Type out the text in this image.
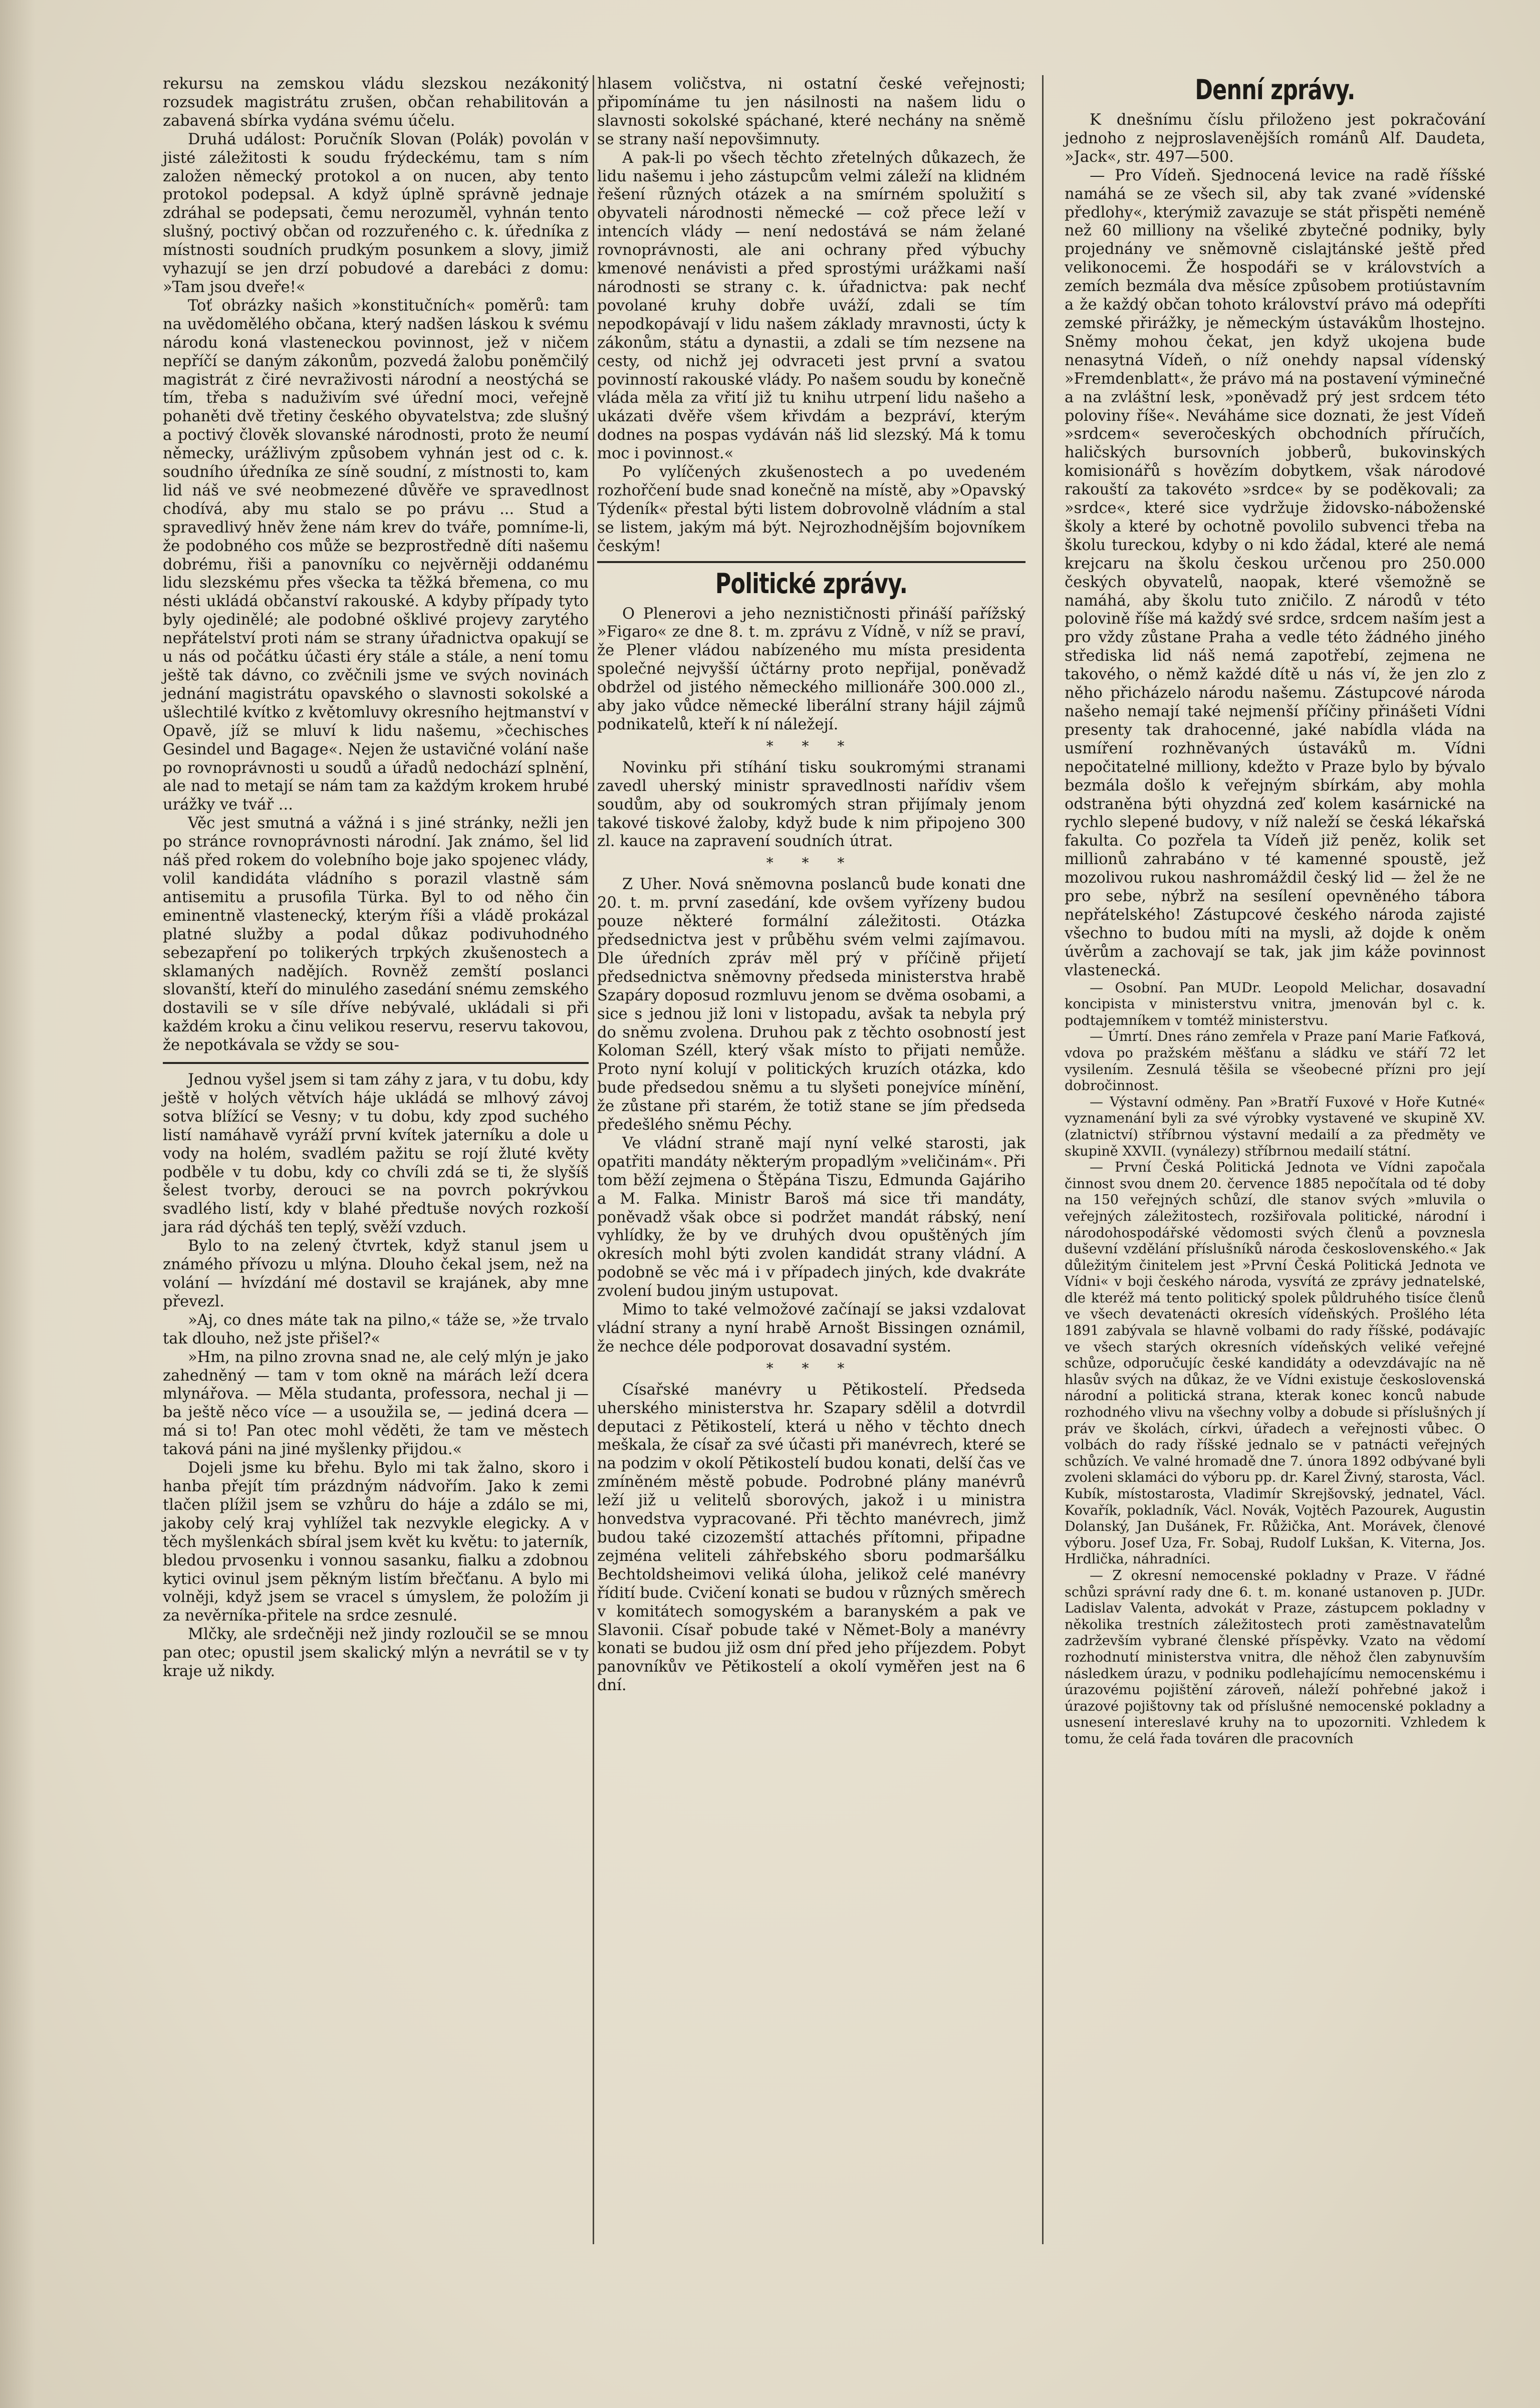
rekursu na zemskou vládu slezskou nezákonitý rozsudek magistrátu zrušen, občan rehabilitován a zabavená sbírka vydána svému účelu.

Druhá událost: Poručník Slovan (Polák) povolán v jisté záležitosti k soudu frýdeckému, tam s ním založen německý protokol a on nucen, aby tento protokol podepsal. A když úplně správně jednaje zdráhal se podepsati, čemu nerozuměl, vyhnán tento slušný, poctivý občan od rozzuřeného c. k. úředníka z místnosti soudních prudkým posunkem a slovy, jimiž vyhazují se jen drzí pobudové a darebáci z domu: »Tam jsou dveře!«

Toť obrázky našich »konstitučních« poměrů: tam na uvědomělého občana, který nadšen láskou k svému národu koná vlasteneckou povinnost, jež v ničem nepříčí se daným zákonům, pozvedá žalobu poněmčilý magistrát z čiré nevraživosti národní a neostýchá se tím, třeba s naduživím své úřední moci, veřejně pohaněti dvě třetiny českého obyvatelstva; zde slušný a poctivý člověk slovanské národnosti, proto že neumí německy, urážlivým způsobem vyhnán jest od c. k. soudního úředníka ze síně soudní, z místnosti to, kam lid náš ve své neobmezené důvěře ve spravedlnost chodívá, aby mu stalo se po právu ... Stud a spravedlivý hněv žene nám krev do tváře, pomníme-li, že podobného cos může se bezprostředně díti našemu dobrému, řiši a panovníku co nejvěrněji oddanému lidu slezskému přes všecka ta těžká břemena, co mu nésti ukládá občanství rakouské. A kdyby případy tyto byly ojedinělé; ale podobné ošklivé projevy zarytého nepřátelství proti nám se strany úřadnictva opakují se u nás od počátku účasti éry stále a stále, a není tomu ještě tak dávno, co zvěčnili jsme ve svých novinách jednání magistrátu opavského o slavnosti sokolské a ušlechtilé kvítko z květomluvy okresního hejtmanství v Opavě, jíž se mluví k lidu našemu, »čechisches Gesindel und Bagage«. Nejen že ustavičné volání naše po rovnoprávnosti u soudů a úřadů nedochází splnění, ale nad to metají se nám tam za každým krokem hrubé urážky ve tvář ...

Věc jest smutná a vážná i s jiné stránky, nežli jen po stránce rovnoprávnosti národní. Jak známo, šel lid náš před rokem do volebního boje jako spojenec vlády, volil kandidáta vládního s porazil vlastně sám antisemitu a prusofila Türka. Byl to od něho čin eminentně vlastenecký, kterým říši a vládě prokázal platné služby a podal důkaz podivuhodného sebezapření po tolikerých trpkých zkušenostech a sklamaných nadějích. Rovněž zemští poslanci slovanští, kteří do minulého zasedání snému zemského dostavili se v síle dříve nebývalé, ukládali si při každém kroku a činu velikou reservu, reservu takovou, že nepotkávala se vždy se sou-

Jednou vyšel jsem si tam záhy z jara, v tu dobu, kdy ještě v holých větvích háje ukládá se mlhový závoj sotva blížící se Vesny; v tu dobu, kdy zpod suchého listí namáhavě vyráží první kvítek jaterníku a dole u vody na holém, svadlém pažitu se rojí žluté květy podběle v tu dobu, kdy co chvíli zdá se ti, že slyšíš šelest tvorby, derouci se na povrch pokrývkou svadlého listí, kdy v blahé předtuše nových rozkoší jara rád dýcháš ten teplý, svěží vzduch.

Bylo to na zelený čtvrtek, když stanul jsem u známého přívozu u mlýna. Dlouho čekal jsem, než na volání — hvízdání mé dostavil se krajánek, aby mne převezl.

»Aj, co dnes máte tak na pilno,« táže se, »že trvalo tak dlouho, než jste přišel?«

»Hm, na pilno zrovna snad ne, ale celý mlýn je jako zahedněný — tam v tom okně na márách leží dcera mlynářova. — Měla studanta, professora, nechal ji — ba ještě něco více — a usoužila se, — jediná dcera — má si to! Pan otec mohl věděti, že tam ve městech taková páni na jiné myšlenky přijdou.«

Dojeli jsme ku břehu. Bylo mi tak žalno, skoro i hanba přejít tím prázdným nádvořím. Jako k zemi tlačen plížil jsem se vzhůru do háje a zdálo se mi, jakoby celý kraj vyhlížel tak nezvykle elegicky. A v těch myšlenkách sbíral jsem květ ku květu: to jaterník, bledou prvosenku i vonnou sasanku, fialku a zdobnou kytici ovinul jsem pěkným listím břečťanu. A bylo mi volněji, když jsem se vracel s úmyslem, že položím ji za nevěrníka-přitele na srdce zesnulé.

Mlčky, ale srdečněji než jindy rozloučil se se mnou pan otec; opustil jsem skalický mlýn a nevrátil se v ty kraje už nikdy.

hlasem voličstva, ni ostatní české veřejnosti; připomínáme tu jen násilnosti na našem lidu o slavnosti sokolské spáchané, které nechány na sněmě se strany naší nepovšimnuty.

A pak-li po všech těchto zřetelných důkazech, že lidu našemu i jeho zástupcům velmi záleží na klidném řešení různých otázek a na smírném spolužití s obyvateli národnosti německé — což přece leží v intencích vlády — není nedostává se nám želané rovnoprávnosti, ale ani ochrany před výbuchy kmenové nenávisti a před sprostými urážkami naší národnosti se strany c. k. úřadnictva: pak nechť povolané kruhy dobře uváží, zdali se tím nepodkopávají v lidu našem základy mravnosti, úcty k zákonům, státu a dynastii, a zdali se tím nezsene na cesty, od nichž jej odvraceti jest první a svatou povinností rakouské vlády. Po našem soudu by konečně vláda měla za vřití již tu knihu utrpení lidu našeho a ukázati dvěře všem křivdám a bezpráví, kterým dodnes na pospas vydáván náš lid slezský. Má k tomu moc i povinnost.«

Po vylíčených zkušenostech a po uvedeném rozhořčení bude snad konečně na místě, aby »Opavský Týdeník« přestal býti listem dobrovolně vládním a stal se listem, jakým má být. Nejrozhodnějším bojovníkem českým!

Politické zprávy.

O Plenerovi a jeho neznističnosti přináší pařížský »Figaro« ze dne 8. t. m. zprávu z Vídně, v níž se praví, že Plener vládou nabízeného mu místa presidenta společné nejvyšší účtárny proto nepřijal, poněvadž obdržel od jistého německého millionáře 300.000 zl., aby jako vůdce německé liberální strany hájil zájmů podnikatelů, kteří k ní náležejí.

* * *

Novinku při stíhání tisku soukromými stranami zavedl uherský ministr spravedlnosti nařídiv všem soudům, aby od soukromých stran přijímaly jenom takové tiskové žaloby, když bude k nim připojeno 300 zl. kauce na zapravení soudních útrat.

* * *

Z Uher. Nová sněmovna poslanců bude konati dne 20. t. m. první zasedání, kde ovšem vyřízeny budou pouze některé formální záležitosti. Otázka předsednictva jest v průběhu svém velmi zajímavou. Dle úředních zpráv měl prý v příčině přijetí předsednictva sněmovny předseda ministerstva hrabě Szapáry doposud rozmluvu jenom se dvěma osobami, a sice s jednou již loni v listopadu, avšak ta nebyla prý do sněmu zvolena. Druhou pak z těchto osobností jest Koloman Széll, který však místo to přijati nemůže. Proto nyní kolují v politických kruzích otázka, kdo bude předsedou sněmu a tu slyšeti ponejvíce mínění, že zůstane při starém, že totiž stane se jím předseda předešlého sněmu Péchy.

Ve vládní straně mají nyní velké starosti, jak opatřiti mandáty některým propadlým »veličinám«. Při tom běží zejmena o Štěpána Tiszu, Edmunda Gajáriho a M. Falka. Ministr Baroš má sice tři mandáty, poněvadž však obce si podržet mandát rábský, není vyhlídky, že by ve druhých dvou opuštěných jím okresích mohl býti zvolen kandidát strany vládní. A podobně se věc má i v případech jiných, kde dvakráte zvolení budou jiným ustupovat.

Mimo to také velmožové začínají se jaksi vzdalovat vládní strany a nyní hrabě Arnošt Bissingen oznámil, že nechce déle podporovat dosavadní systém.

* * *

Císařské manévry u Pětikostelí. Předseda uherského ministerstva hr. Szapary sdělil a dotvrdil deputaci z Pětikostelí, která u něho v těchto dnech meškala, že císař za své účasti při manévrech, které se na podzim v okolí Pětikostelí budou konati, delší čas ve zmíněném městě pobude. Podrobné plány manévrů leží již u velitelů sborových, jakož i u ministra honvedstva vypracované. Při těchto manévrech, jimž budou také cizozemští attachés přítomni, připadne zejména veliteli záhřebského sboru podmaršálku Bechtoldsheimovi veliká úloha, jelikož celé manévry řídití bude. Cvičení konati se budou v různých směrech v komitátech somogyském a baranyském a pak ve Slavonii. Císař pobude také v Němet-Boly a manévry konati se budou již osm dní před jeho příjezdem. Pobyt panovníkův ve Pětikostelí a okolí vyměřen jest na 6 dní.

Denní zprávy.

K dnešnímu číslu přiloženo jest pokračování jednoho z nejproslavenějších románů Alf. Daudeta, »Jack«, str. 497—500.

— Pro Vídeň. Sjednocená levice na radě říšské namáhá se ze všech sil, aby tak zvané »vídenské předlohy«, kterýmiž zavazuje se stát přispěti neméně než 60 milliony na všeliké zbytečné podniky, byly projednány ve sněmovně cislajtánské ještě před velikonocemi. Že hospodáři se v královstvích a zemích bezmála dva měsíce způsobem protiústavním a že každý občan tohoto království právo má odepříti zemské přirážky, je německým ústavákům lhostejno. Sněmy mohou čekat, jen když ukojena bude nenasytná Vídeň, o níž onehdy napsal vídenský »Fremdenblatt«, že právo má na postavení výminečné a na zvláštní lesk, »poněvadž prý jest srdcem této poloviny říše«. Neváháme sice doznati, že jest Vídeň »srdcem« severočeských obchodních příručích, haličských bursovních jobberů, bukovinských komisionářů s hovězím dobytkem, však národové rakouští za takovéto »srdce« by se poděkovali; za »srdce«, které sice vydržuje židovsko-náboženské školy a které by ochotně povolilo subvenci třeba na školu tureckou, kdyby o ni kdo žádal, které ale nemá krejcaru na školu českou určenou pro 250.000 českých obyvatelů, naopak, které všemožně se namáhá, aby školu tuto zničilo. Z národů v této polovině říše má každý své srdce, srdcem naším jest a pro vždy zůstane Praha a vedle této žádného jiného střediska lid náš nemá zapotřebí, zejmena ne takového, o němž každé dítě u nás ví, že jen zlo z něho přicházelo národu našemu. Zástupcové národa našeho nemají také nejmenší příčiny přinášeti Vídni presenty tak drahocenné, jaké nabídla vláda na usmíření rozhněvaných ústaváků m. Vídni nepočitatelné milliony, kdežto v Praze bylo by bývalo bezmála došlo k veřejným sbírkám, aby mohla odstraněna býti ohyzdná zeď kolem kasárnické na rychlo slepené budovy, v níž naleží se česká lékařská fakulta. Co pozřela ta Vídeň již peněz, kolik set millionů zahrabáno v té kamenné spoustě, jež mozolivou rukou nashromáždil český lid — žel že ne pro sebe, nýbrž na sesílení opevněného tábora nepřátelského! Zástupcové českého národa zajisté všechno to budou míti na mysli, až dojde k oněm úvěrům a zachovají se tak, jak jim káže povinnost vlastenecká.

— Osobní. Pan MUDr. Leopold Melichar, dosavadní koncipista v ministerstvu vnitra, jmenován byl c. k. podtajemníkem v tomtéž ministerstvu.

— Úmrtí. Dnes ráno zemřela v Praze paní Marie Faťková, vdova po pražském měšťanu a sládku ve stáří 72 let vysilením. Zesnulá těšila se všeobecné přízni pro její dobročinnost.

— Výstavní odměny. Pan »Bratří Fuxové v Hoře Kutné« vyznamenání byli za své výrobky vystavené ve skupině XV. (zlatnictví) stříbrnou výstavní medailí a za předměty ve skupině XXVII. (vynálezy) stříbrnou medailí státní.

— První Česká Politická Jednota ve Vídni započala činnost svou dnem 20. července 1885 nepočítala od té doby na 150 veřejných schůzí, dle stanov svých »mluvila o veřejných záležitostech, rozšiřovala politické, národní i národohospodářské vědomosti svých členů a povznesla duševní vzdělání příslušníků národa československého.« Jak důležitým činitelem jest »První Česká Politická Jednota ve Vídni« v boji českého národa, vysvítá ze zprávy jednatelské, dle kteréž má tento politický spolek půldruhého tisíce členů ve všech devatenácti okresích vídeňských. Prošlého léta 1891 zabývala se hlavně volbami do rady říšské, podávajíc ve všech starých okresních vídeňských veliké veřejné schůze, odporučujíc české kandidáty a odevzdávajíc na ně hlasův svých na důkaz, že ve Vídni existuje československá národní a politická strana, kterak konec konců nabude rozhodného vlivu na všechny volby a dobude si příslušných jí práv ve školách, církvi, úřadech a veřejnosti vůbec. O volbách do rady říšské jednalo se v patnácti veřejných schůzích. Ve valné hromadě dne 7. února 1892 odbývané byli zvoleni sklamáci do výboru pp. dr. Karel Živný, starosta, Václ. Kubík, místostarosta, Vladimír Skrejšovský, jednatel, Václ. Kovařík, pokladník, Václ. Novák, Vojtěch Pazourek, Augustin Dolanský, Jan Dušánek, Fr. Růžička, Ant. Morávek, členové výboru. Josef Uza, Fr. Sobaj, Rudolf Lukšan, K. Viterna, Jos. Hrdlička, náhradníci.

— Z okresní nemocenské pokladny v Praze. V řádné schůzi správní rady dne 6. t. m. konané ustanoven p. JUDr. Ladislav Valenta, advokát v Praze, zástupcem pokladny v několika trestních záležitostech proti zaměstnavatelům zadrževším vybrané členské příspěvky. Vzato na vědomí rozhodnutí ministerstva vnitra, dle něhož člen zabynuvším následkem úrazu, v podniku podlehajícímu nemocenskému i úrazovému pojištění zároveň, náleží pohřebné jakož i úrazové pojištovny tak od příslušné nemocenské pokladny a usnesení intereslavé kruhy na to upozorniti. Vzhledem k tomu, že celá řada továren dle pracovních
